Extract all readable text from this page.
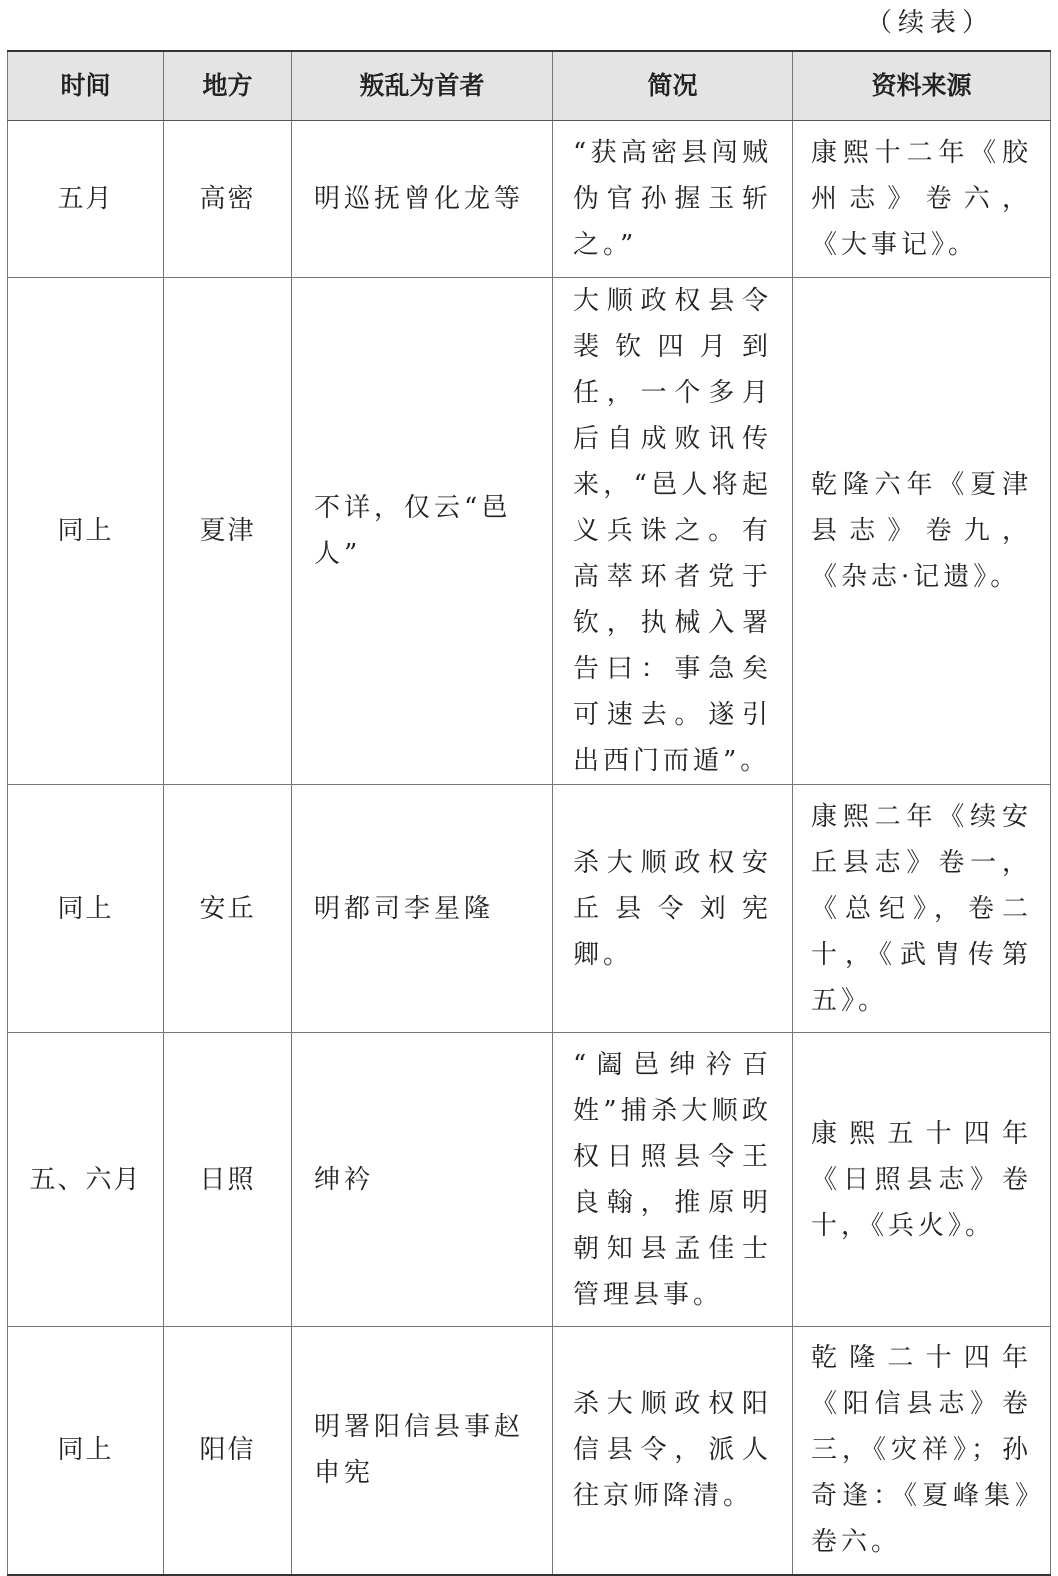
（续表）
时间	地方	叛乱为首者	简况	资料来源
五月	高密	明巡抚曾化龙等	“获高密县闯贼伪官孙握玉斩之。”	康熙十二年《胶州志》卷六，《大事记》。

同上	夏津	不详，仅云“邑人”	大顺政权县令裴钦四月到任，一个多月后自成败讯传来，“邑人将起义兵诛之。有高萃环者党于钦，执械入署告曰：事急矣可速去。遂引出西门而遁”。	乾隆六年《夏津县志》卷九，《杂志·记遗》。

同上	安丘	明都司李星隆	杀大顺政权安丘县令刘宪卿。	康熙二年《续安丘县志》卷一，《总纪》，卷二十，《武胄传第五》。

五、六月	日照	绅衿	“阖邑绅衿百姓”捕杀大顺政权日照县令王良翰，推原明朝知县孟佳士管理县事。	康熙五十四年《日照县志》卷十，《兵火》。

同上	阳信	明署阳信县事赵申宪	杀大顺政权阳信县令，派人往京师降清。	乾隆二十四年《阳信县志》卷三，《灾祥》；孙奇逢：《夏峰集》卷六。
